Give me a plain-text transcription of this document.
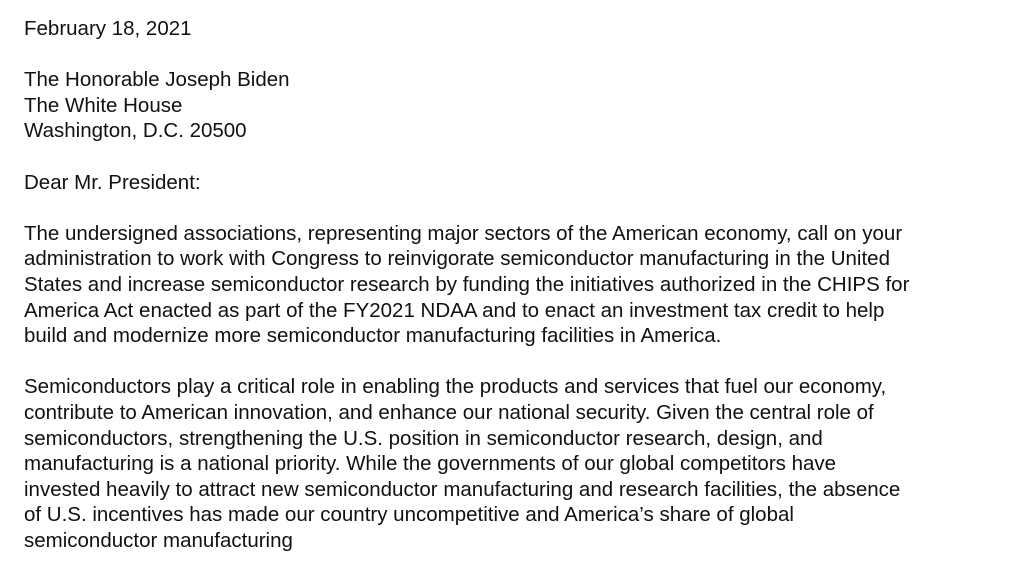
February 18, 2021
The Honorable Joseph Biden
The White House
Washington, D.C. 20500
Dear Mr. President:
The undersigned associations, representing major sectors of the American economy, call on your
administration to work with Congress to reinvigorate semiconductor manufacturing in the United
States and increase semiconductor research by funding the initiatives authorized in the CHIPS for
America Act enacted as part of the FY2021 NDAA and to enact an investment tax credit to help
build and modernize more semiconductor manufacturing facilities in America.
Semiconductors play a critical role in enabling the products and services that fuel our economy,
contribute to American innovation, and enhance our national security. Given the central role of
semiconductors, strengthening the U.S. position in semiconductor research, design, and
manufacturing is a national priority. While the governments of our global competitors have
invested heavily to attract new semiconductor manufacturing and research facilities, the absence
of U.S. incentives has made our country uncompetitive and America’s share of global
semiconductor manufacturing
